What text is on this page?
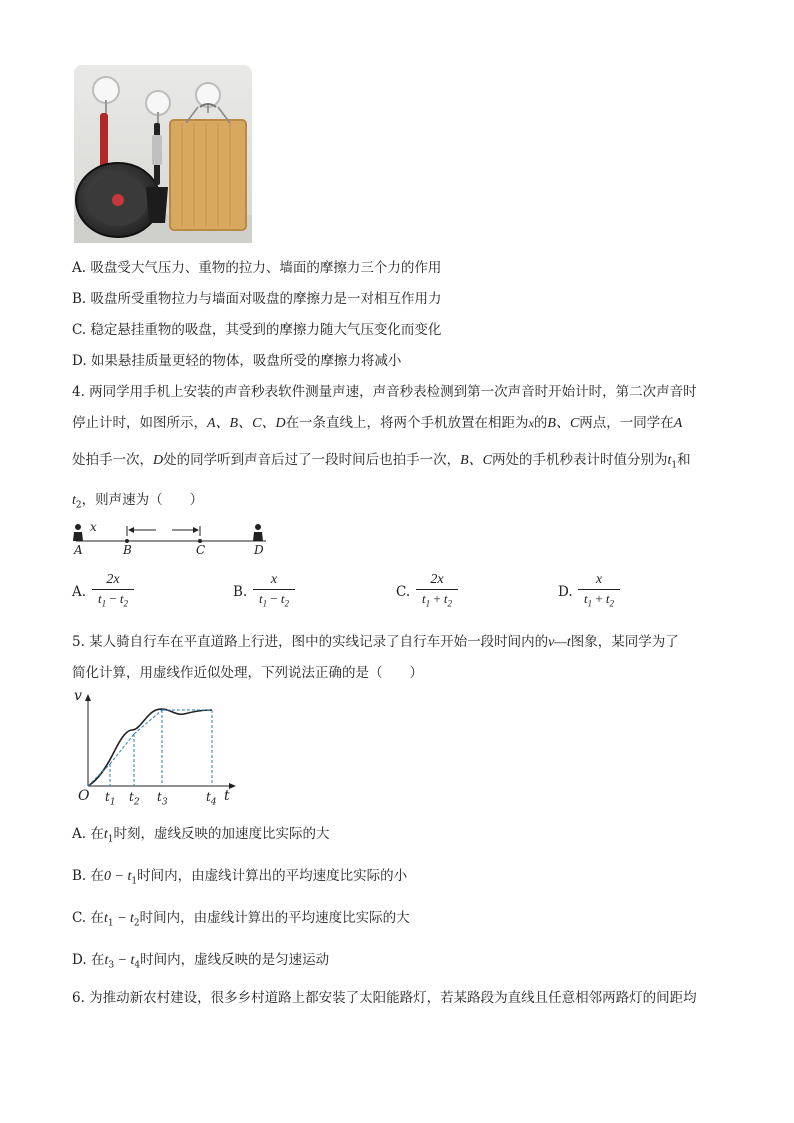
A. 吸盘受大气压力、重物的拉力、墙面的摩擦力三个力的作用
B. 吸盘所受重物拉力与墙面对吸盘的摩擦力是一对相互作用力
C. 稳定悬挂重物的吸盘，其受到的摩擦力随大气压变化而变化
D. 如果悬挂质量更轻的物体，吸盘所受的摩擦力将减小
4. 两同学用手机上安装的声音秒表软件测量声速，声音秒表检测到第一次声音时开始计时，第二次声音时
停止计时，如图所示，A、B、C、D在一条直线上，将两个手机放置在相距为x的B、C两点，一同学在A
处拍手一次，D处的同学听到声音后过了一段时间后也拍手一次，B、C两处的手机秒表计时值分别为$t_1$和
$t_2$，则声速为（　　）
x
A	B	C	D
A.
2x
$t_1 - t_2$
B.
x
$t_1 - t_2$
C.
2x
$t_1 + t_2$
D.
x
$t_1 + t_2$
5. 某人骑自行车在平直道路上行进，图中的实线记录了自行车开始一段时间内的v—t图象，某同学为了
简化计算，用虚线作近似处理，下列说法正确的是（　　）
v
t
O $t_1$ $t_2$ $t_3$	$t_4$
A. 在$t_1$时刻，虚线反映的加速度比实际的大
B. 在$0 - t_1$时间内，由虚线计算出的平均速度比实际的小
C. 在$t_1 - t_2$时间内，由虚线计算出的平均速度比实际的大
D. 在$t_3 - t_4$时间内，虚线反映的是匀速运动
6. 为推动新农村建设，很多乡村道路上都安装了太阳能路灯，若某路段为直线且任意相邻两路灯的间距均
